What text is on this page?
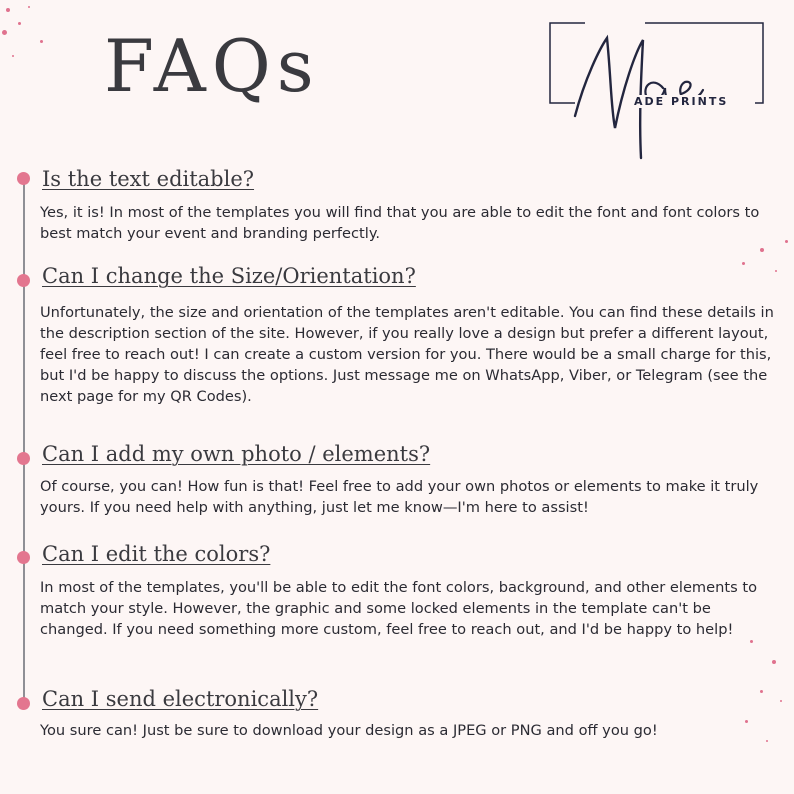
FAQs	ADE PRINTS
Is the text editable?

Yes, it is! In most of the templates you will find that you are able to edit the font and font colors to best match your event and branding perfectly.

Can I change the Size/Orientation?

Unfortunately, the size and orientation of the templates aren't editable. You can find these details in the description section of the site. However, if you really love a design but prefer a different layout, feel free to reach out! I can create a custom version for you. There would be a small charge for this, but I'd be happy to discuss the options. Just message me on WhatsApp, Viber, or Telegram (see the next page for my QR Codes).

Can I add my own photo / elements?

Of course, you can! How fun is that! Feel free to add your own photos or elements to make it truly yours. If you need help with anything, just let me know—I'm here to assist!

Can I edit the colors?

In most of the templates, you'll be able to edit the font colors, background, and other elements to match your style. However, the graphic and some locked elements in the template can't be changed. If you need something more custom, feel free to reach out, and I'd be happy to help!

Can I send electronically?

You sure can! Just be sure to download your design as a JPEG or PNG and off you go!
